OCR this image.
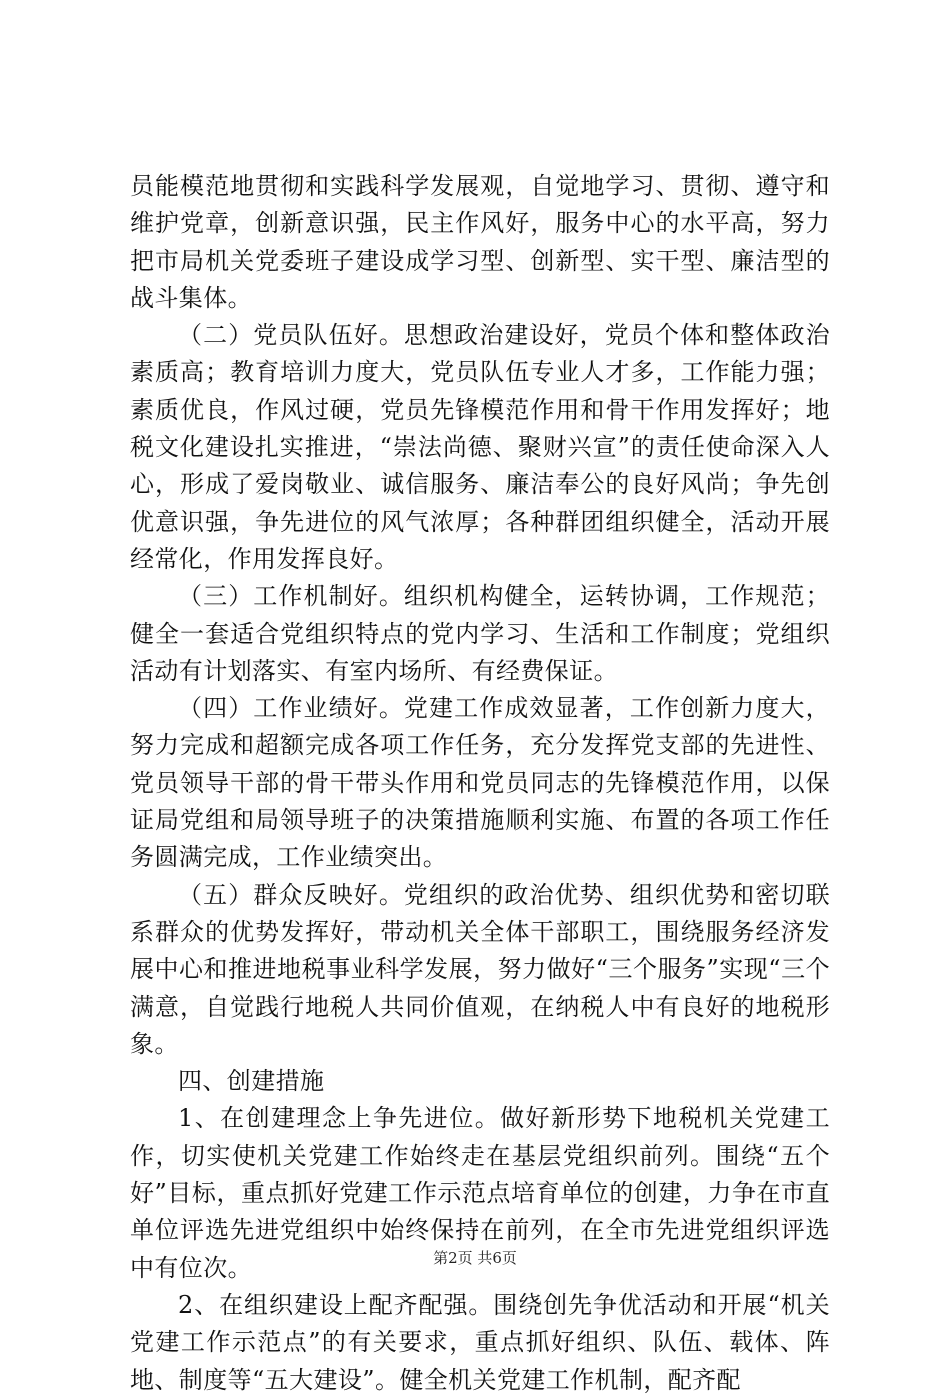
员能模范地贯彻和实践科学发展观，自觉地学习、贯彻、遵守和维护党章，创新意识强，民主作风好，服务中心的水平高，努力把市局机关党委班子建设成学习型、创新型、实干型、廉洁型的战斗集体。

（二）党员队伍好。思想政治建设好，党员个体和整体政治素质高；教育培训力度大，党员队伍专业人才多，工作能力强；素质优良，作风过硬，党员先锋模范作用和骨干作用发挥好；地税文化建设扎实推进，“崇法尚德、聚财兴宣”的责任使命深入人心，形成了爱岗敬业、诚信服务、廉洁奉公的良好风尚；争先创优意识强，争先进位的风气浓厚；各种群团组织健全，活动开展经常化，作用发挥良好。

（三）工作机制好。组织机构健全，运转协调，工作规范；健全一套适合党组织特点的党内学习、生活和工作制度；党组织活动有计划落实、有室内场所、有经费保证。

（四）工作业绩好。党建工作成效显著，工作创新力度大，努力完成和超额完成各项工作任务，充分发挥党支部的先进性、党员领导干部的骨干带头作用和党员同志的先锋模范作用，以保证局党组和局领导班子的决策措施顺利实施、布置的各项工作任务圆满完成，工作业绩突出。

（五）群众反映好。党组织的政治优势、组织优势和密切联系群众的优势发挥好，带动机关全体干部职工，围绕服务经济发展中心和推进地税事业科学发展，努力做好“三个服务”实现“三个满意，自觉践行地税人共同价值观，在纳税人中有良好的地税形象。

四、创建措施

1、在创建理念上争先进位。做好新形势下地税机关党建工作，切实使机关党建工作始终走在基层党组织前列。围绕“五个好”目标，重点抓好党建工作示范点培育单位的创建，力争在市直单位评选先进党组织中始终保持在前列，在全市先进党组织评选中有位次。

2、在组织建设上配齐配强。围绕创先争优活动和开展“机关党建工作示范点”的有关要求，重点抓好组织、队伍、载体、阵地、制度等“五大建设”。健全机关党建工作机制，配齐配

第2页 共6页
